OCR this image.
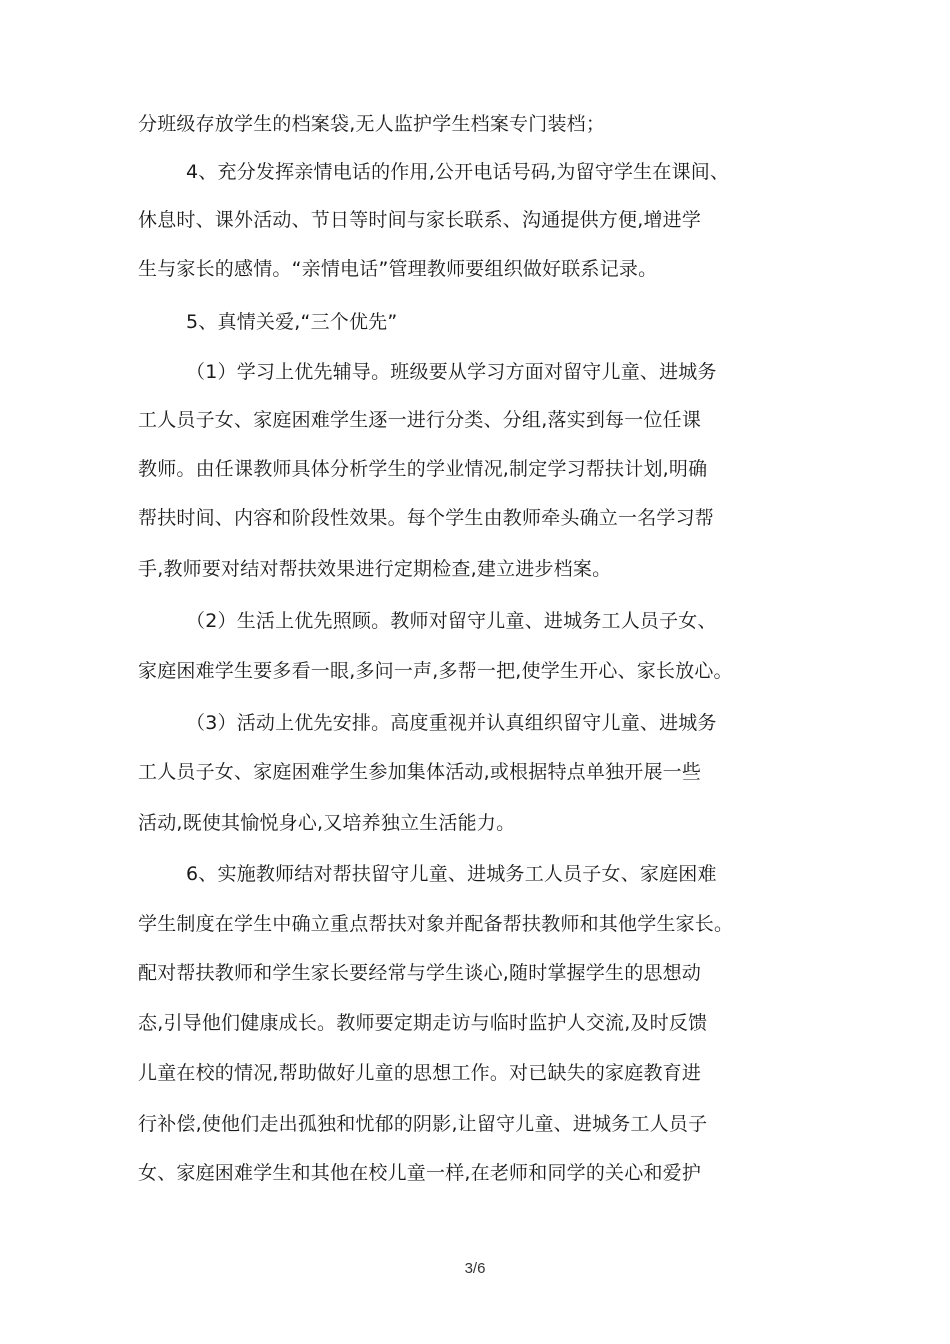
分班级存放学生的档案袋,无人监护学生档案专门装档；
4、充分发挥亲情电话的作用,公开电话号码,为留守学生在课间、
休息时、课外活动、节日等时间与家长联系、沟通提供方便,增进学
生与家长的感情。“亲情电话”管理教师要组织做好联系记录。
5、真情关爱,“三个优先”
（1）学习上优先辅导。班级要从学习方面对留守儿童、进城务
工人员子女、家庭困难学生逐一进行分类、分组,落实到每一位任课
教师。由任课教师具体分析学生的学业情况,制定学习帮扶计划,明确
帮扶时间、内容和阶段性效果。每个学生由教师牵头确立一名学习帮
手,教师要对结对帮扶效果进行定期检查,建立进步档案。
（2）生活上优先照顾。教师对留守儿童、进城务工人员子女、
家庭困难学生要多看一眼,多问一声,多帮一把,使学生开心、家长放心。
（3）活动上优先安排。高度重视并认真组织留守儿童、进城务
工人员子女、家庭困难学生参加集体活动,或根据特点单独开展一些
活动,既使其愉悦身心,又培养独立生活能力。
6、实施教师结对帮扶留守儿童、进城务工人员子女、家庭困难
学生制度在学生中确立重点帮扶对象并配备帮扶教师和其他学生家长。
配对帮扶教师和学生家长要经常与学生谈心,随时掌握学生的思想动
态,引导他们健康成长。教师要定期走访与临时监护人交流,及时反馈
儿童在校的情况,帮助做好儿童的思想工作。对已缺失的家庭教育进
行补偿,使他们走出孤独和忧郁的阴影,让留守儿童、进城务工人员子
女、家庭困难学生和其他在校儿童一样,在老师和同学的关心和爱护
3/6
